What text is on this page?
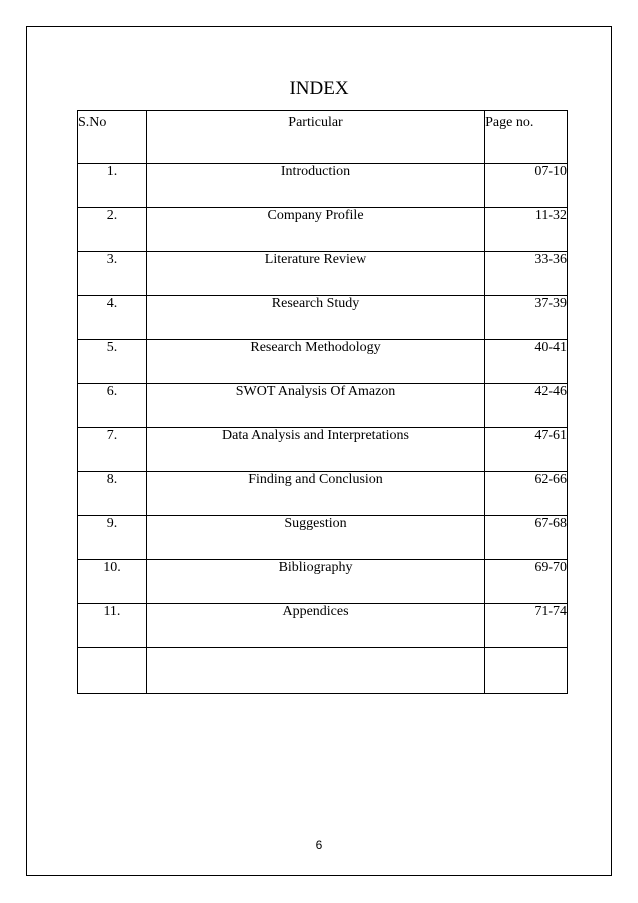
INDEX
S.No	Particular	Page no.
1.	Introduction	07-10
2.	Company Profile	11-32
3.	Literature Review	33-36
4.	Research Study	37-39
5.	Research Methodology	40-41
6.	SWOT Analysis Of Amazon	42-46
7.	Data Analysis and Interpretations	47-61
8.	Finding and Conclusion	62-66
9.	Suggestion	67-68
10.	Bibliography	69-70
11.	Appendices	71-74

6
